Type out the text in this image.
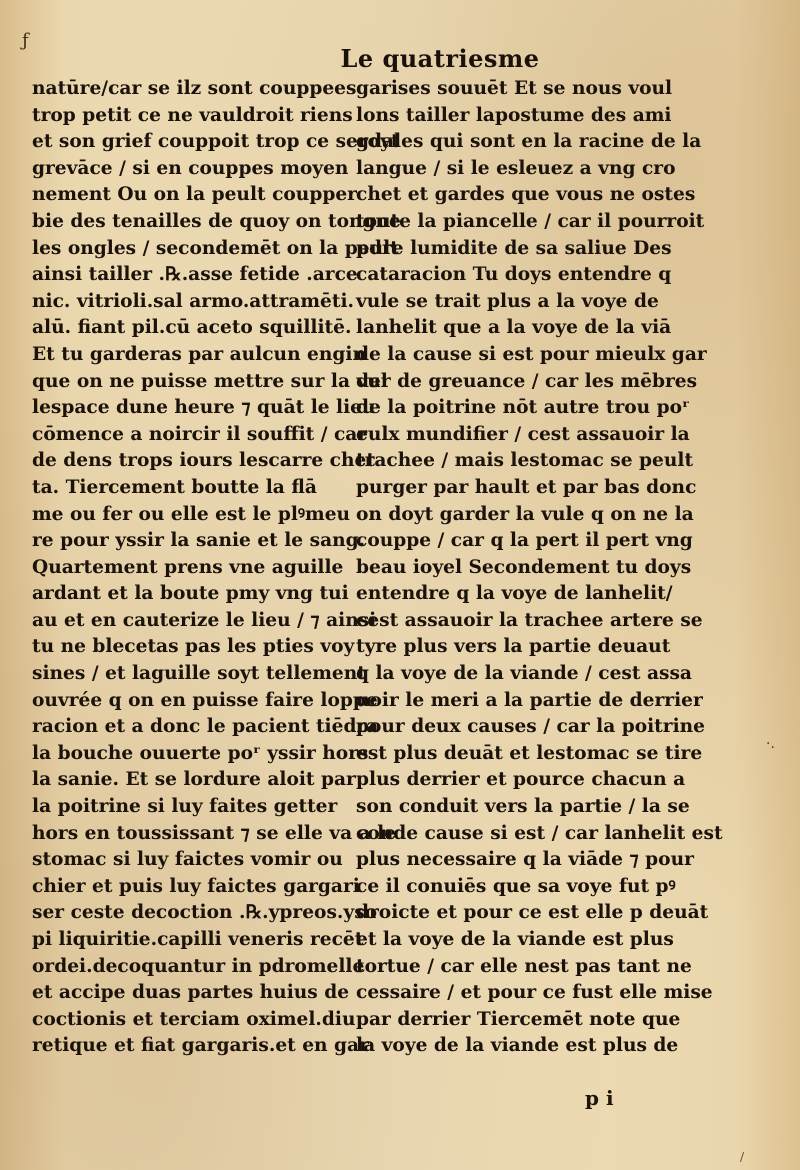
ƒ
Le quatriesme
natūre/car se ilz sont couppees
trop petit ce ne vauldroit riens
et son grief couppoit trop ce seroyt
grevāce / si en couppes moyen
nement Ou on la peult coupper
bie des tenailles de quoy on tongne
les ongles / secondemēt on la peult
ainsi tailler .℞.asse fetide .arce
nic. vitrioli.sal armo.attramēti.
alū. fiant pil.cū aceto squillitē.
Et tu garderas par aulcun engin
que on ne puisse mettre sur la vul
lespace dune heure ⁊ quāt le lieu
cōmence a noircir il souffit / car
de dens trops iours lescarre chet
ta. Tiercement boutte la flā
me ou fer ou elle est le plꝰmeu
re pour yssir la sanie et le sang.
Quartement prens vne aguille
ardant et la boute pmy vng tui
au et en cauterize le lieu / ⁊ ainsi
tu ne blecetas pas les pties voy
sines / et laguille soyt tellement
ouvrée q on en puisse faire loppe
racion et a donc le pacient tiēdra
la bouche ouuerte poʳ yssir hors
la sanie. Et se lordure aloit par
la poitrine si luy faites getter
hors en toussissant ⁊ se elle va a le
stomac si luy faictes vomir ou
chier et puis luy faictes gargari
ser ceste decoction .℞.ypreos.yso
pi liquiritie.capilli veneris recēt
ordei.decoquantur in pdromelle
et accipe duas partes huius de
coctionis et terciam oximel.diu
retique et fiat gargaris.et en gar
garises souuēt Et se nous voul
lons tailler lapostume des ami
gdales qui sont en la racine de la
langue / si le esleuez a vng cro
chet et gardes que vous ne ostes
toute la piancelle / car il pourroit
pdre lumidite de sa saliue Des
cataracion Tu doys entendre q
vule se trait plus a la voye de
lanhelit que a la voye de la viā
de la cause si est pour mieulx gar
der de greuance / car les mēbres
de la poitrine nōt autre trou poʳ
eulx mundifier / cest assauoir la
trachee / mais lestomac se peult
purger par hault et par bas donc
on doyt garder la vule q on ne la
couppe / car q la pert il pert vng
beau ioyel Secondement tu doys
entendre q la voye de lanhelit/
cest assauoir la trachee artere se
tyre plus vers la partie deuaut
q la voye de la viande / cest assa
uoir le meri a la partie de derrier
pour deux causes / car la poitrine
est plus deuāt et lestomac se tire
plus derrier et pource chacun a
son conduit vers la partie / la se
conde cause si est / car lanhelit est
plus necessaire q la viāde ⁊ pour
ce il conuiēs que sa voye fut pꝰ
droicte et pour ce est elle p deuāt
et la voye de la viande est plus
tortue / car elle nest pas tant ne
cessaire / et pour ce fust elle mise
par derrier Tiercemēt note que
la voye de la viande est plus de
p i
·.
/
